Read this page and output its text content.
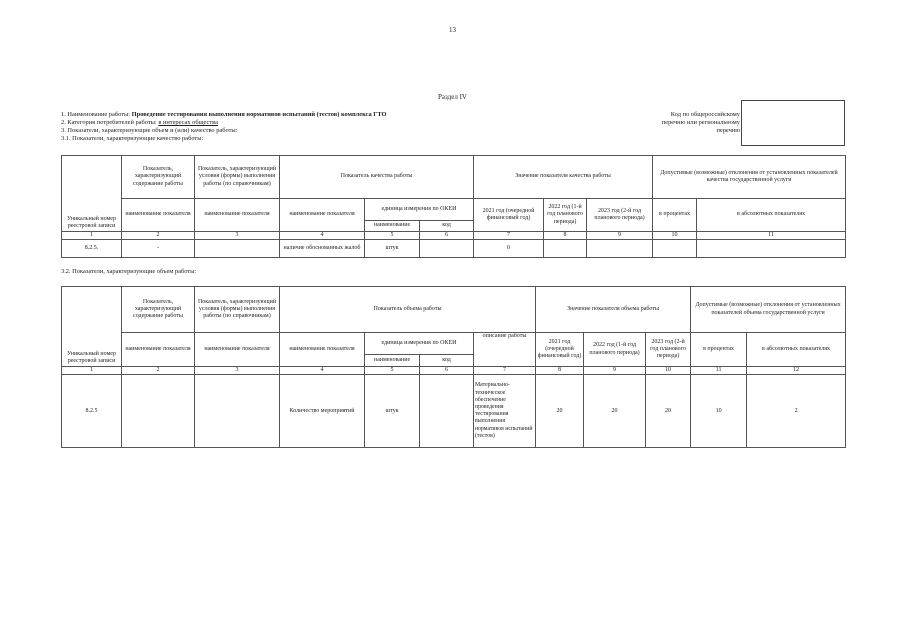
13
Раздел IV
1. Наименование работы: Проведение тестирования выполнения нормативов испытаний (тестов) комплекса ГТО
2. Категория потребителей работы: в интересах общества
3. Показатели, характеризующие объем и (или) качество работы:
3.1. Показатели, характеризующие качество работы:
Код по общероссийскому
перечню или региональному
перечню
Уникальный номер реестровой записи	Показатель, характеризующий содержание работы	Показатель, характеризующий условия (формы) выполнения работы (по справочникам)	Показатель качества работы			Значение показателя качества работы			Допустимые (возможные) отклонения от установленных показателей качества государственной услуги	
	наименование показателя	наименование показателя	наименование показателя	единица измерения по ОКЕИ		2021 год (очередной финансовый год)	2022 год (1-й год планового периода)	2023 год (2-й год планового периода)	в процентах	в абсолютных показателях
				наименование	код					
1	2	3	4	5	6	7	8	9	10	11
8.2.5.	-		наличие обоснованных жалоб	штук		0				
3.2. Показатели, характеризующие объем работы:
Уникальный номер реестровой записи	Показатель, характеризующий содержание работы	Показатель, характеризующий условия (формы) выполнения работы (по справочникам)	Показатель объема работы				Значение показателя объема работы			Допустимые (возможные) отклонения от установленных показателей объема государственной услуги	
	наименование показателя	наименование показателя	наименование показателя	единица измерения по ОКЕИ		описание работы	2021 год (очередной финансовый год)	2022 год (1-й год планового периода)	2023 год (2-й год планового периода)	в процентах	в абсолютных показателях
				наименование	код						
1	2	3	4	5	6	7	8	9	10	11	12
8.2.5			Количество мероприятий	штук		Материально-техническое обеспечение проведения тестирования выполнения нормативов испытаний (тестов)	20	20	20	10	2
